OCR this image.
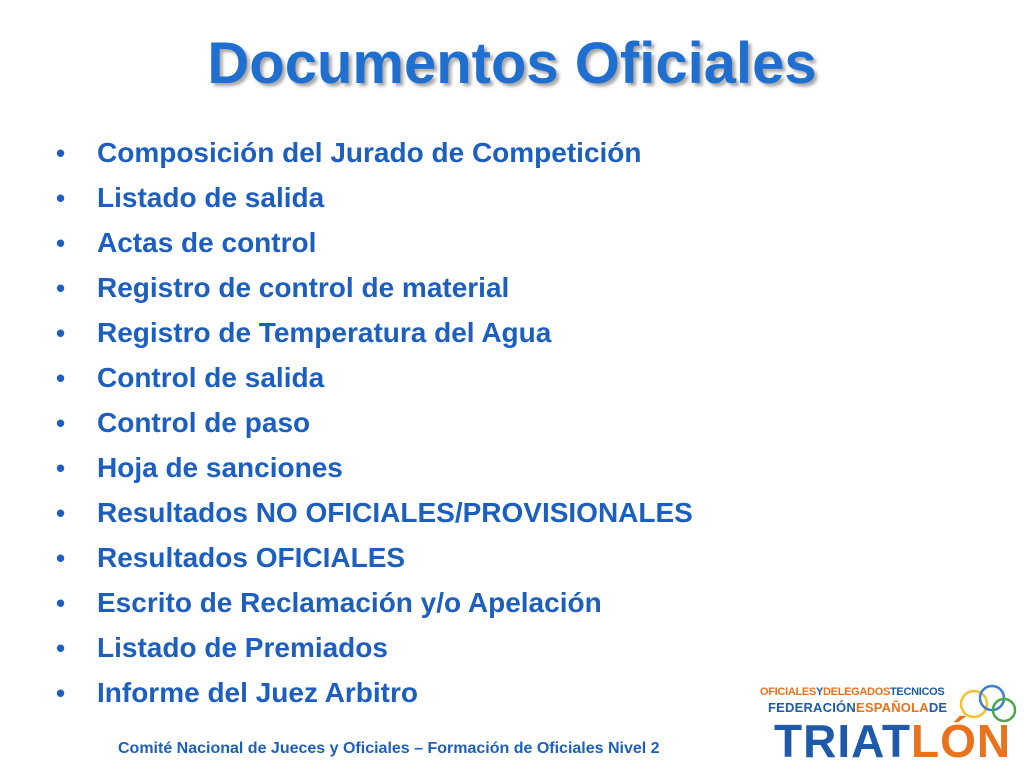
Documentos Oficiales
•	Composición del Jurado de Competición
•	Listado de salida
•	Actas de control
•	Registro de control de material
•	Registro de Temperatura del Agua
•	Control de salida
•	Control de paso
•	Hoja de sanciones
•	Resultados NO OFICIALES/PROVISIONALES
•	Resultados OFICIALES
•	Escrito de Reclamación y/o Apelación
•	Listado de Premiados
•	Informe del Juez Arbitro
Comité Nacional de Jueces y Oficiales – Formación de Oficiales Nivel 2
OFICIALESYDELEGADOSTECNICOS
FEDERACIÓNESPAÑOLADE
TRIATLÓN
